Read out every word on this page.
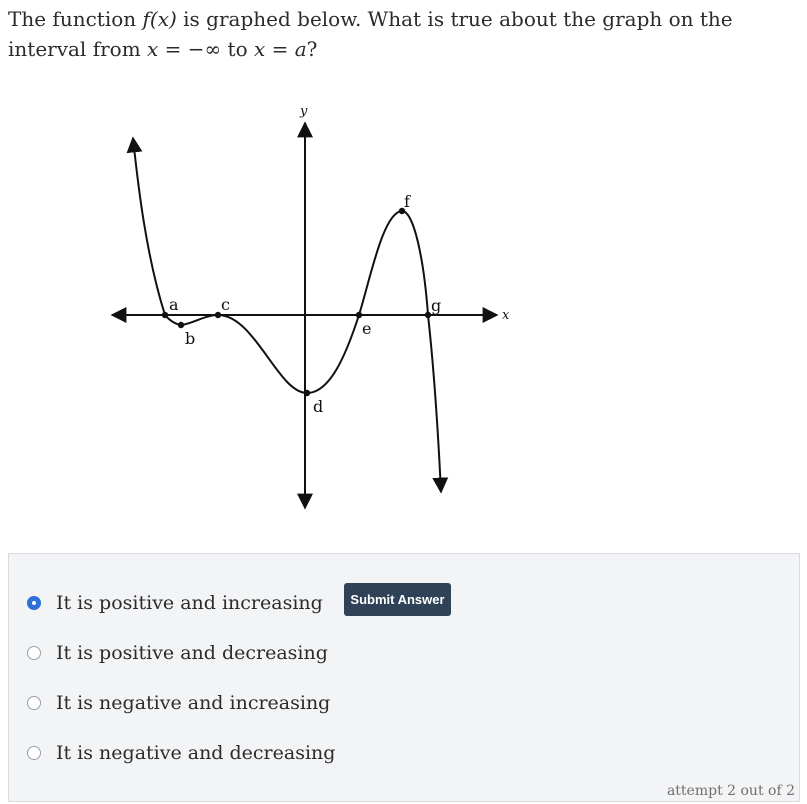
The function f(x) is graphed below. What is true about the graph on the interval from x = −∞ to x = a?
x
y
a
b
c
d
e
f
g
It is positive and increasing
It is positive and decreasing
It is negative and increasing
It is negative and decreasing
Submit Answer
attempt 2 out of 2
